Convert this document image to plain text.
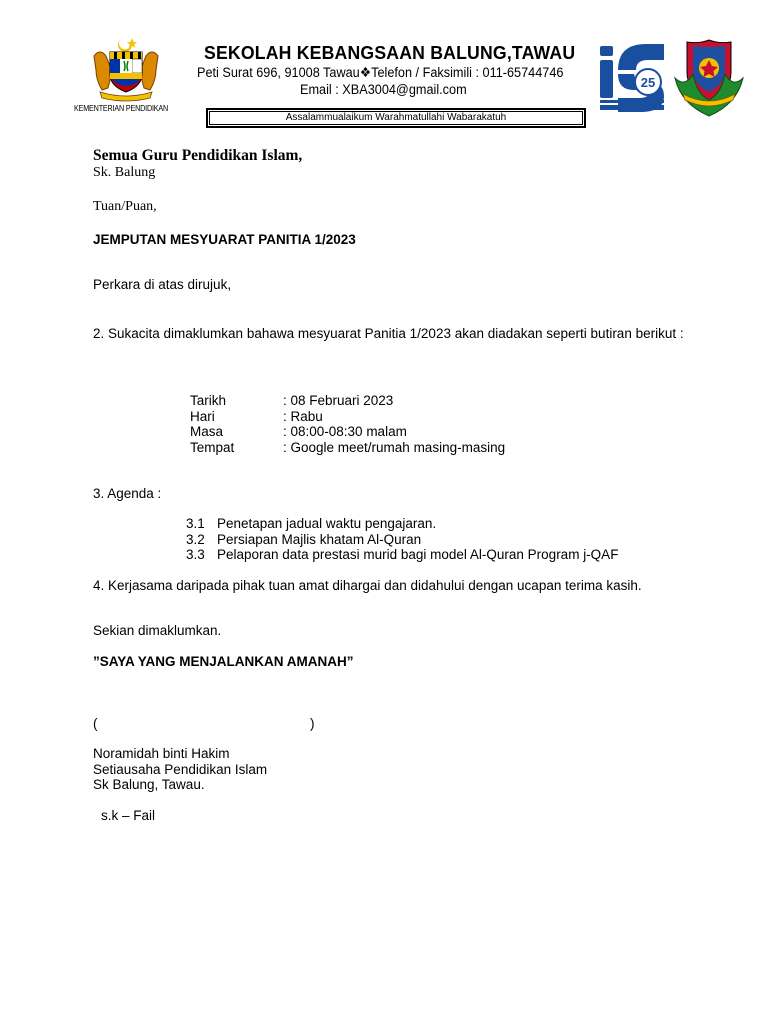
KEMENTERIAN PENDIDIKAN
SEKOLAH KEBANGSAAN BALUNG,TAWAU
Peti Surat 696, 91008 Tawau❖Telefon / Faksimili : 011-65744746
Email : XBA3004@gmail.com
Assalammualaikum Warahmatullahi Wabarakatuh
25
Semua Guru Pendidikan Islam,
Sk. Balung
Tuan/Puan,
JEMPUTAN MESYUARAT PANITIA 1/2023
Perkara di atas dirujuk,
2. Sukacita dimaklumkan bahawa mesyuarat Panitia 1/2023 akan diadakan seperti butiran berikut :
Tarikh	: 08 Februari 2023
Hari	: Rabu
Masa	: 08:00-08:30 malam
Tempat	: Google meet/rumah masing-masing
3. Agenda :
3.1 Penetapan jadual waktu pengajaran.
3.2 Persiapan Majlis khatam Al-Quran
3.3 Pelaporan data prestasi murid bagi model Al-Quran Program j-QAF
4. Kerjasama daripada pihak tuan amat dihargai dan didahului dengan ucapan terima kasih.
Sekian dimaklumkan.
”SAYA YANG MENJALANKAN AMANAH”
(	)
Noramidah binti Hakim
Setiausaha Pendidikan Islam
Sk Balung, Tawau.
s.k – Fail
